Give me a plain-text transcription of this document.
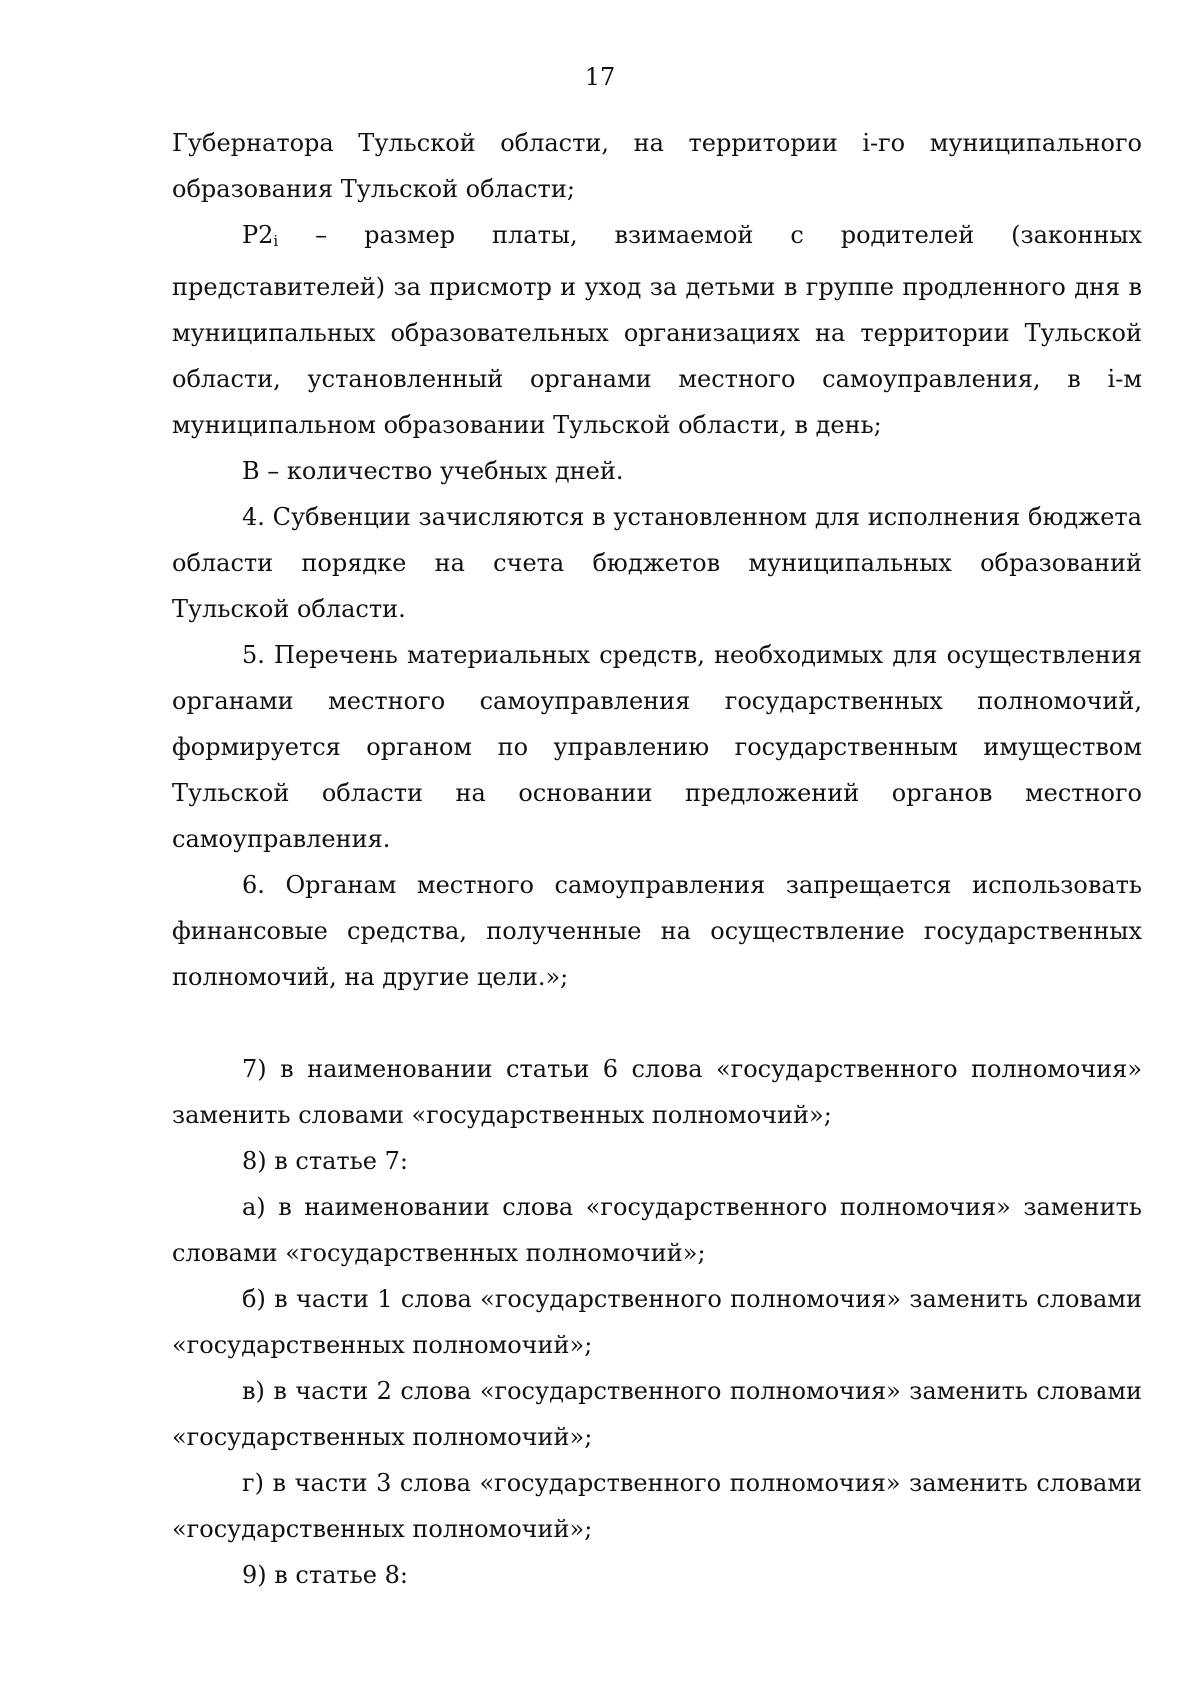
17

Губернатора Тульской области, на территории i-го муниципального образования Тульской области;

$P2_i$ – размер платы, взимаемой с родителей (законных представителей) за присмотр и уход за детьми в группе продленного дня в муниципальных образовательных организациях на территории Тульской области, установленный органами местного самоуправления, в i-м муниципальном образовании Тульской области, в день;

B – количество учебных дней.

4. Субвенции зачисляются в установленном для исполнения бюджета области порядке на счета бюджетов муниципальных образований Тульской области.

5. Перечень материальных средств, необходимых для осуществления органами местного самоуправления государственных полномочий, формируется органом по управлению государственным имуществом Тульской области на основании предложений органов местного самоуправления.

6. Органам местного самоуправления запрещается использовать финансовые средства, полученные на осуществление государственных полномочий, на другие цели.»;

7) в наименовании статьи 6 слова «государственного полномочия» заменить словами «государственных полномочий»;

8) в статье 7:

а) в наименовании слова «государственного полномочия» заменить словами «государственных полномочий»;

б) в части 1 слова «государственного полномочия» заменить словами «государственных полномочий»;

в) в части 2 слова «государственного полномочия» заменить словами «государственных полномочий»;

г) в части 3 слова «государственного полномочия» заменить словами «государственных полномочий»;

9) в статье 8:
